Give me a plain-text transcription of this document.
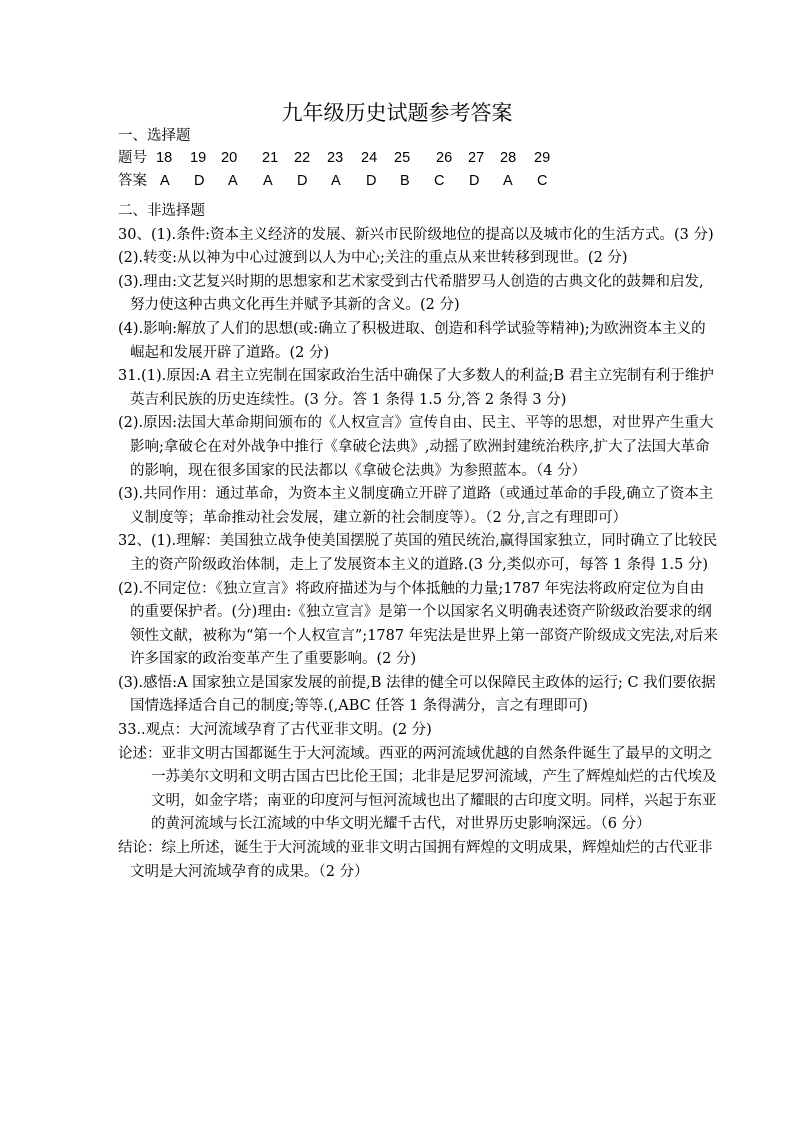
九年级历史试题参考答案
一、选择题
题号 18 19 20 21 22 23 24 25 26 27 28 29
答案 A D A A D A D B C D A C

二、非选择题

30、(1).条件:资本主义经济的发展、新兴市民阶级地位的提高以及城市化的生活方式。(3 分)

(2).转变:从以神为中心过渡到以人为中心;关注的重点从来世转移到现世。(2 分)

(3).理由:文艺复兴时期的思想家和艺术家受到古代希腊罗马人创造的古典文化的鼓舞和启发,努力使这种古典文化再生并赋予其新的含义。(2 分)

(4).影响:解放了人们的思想(或:确立了积极进取、创造和科学试验等精神);为欧洲资本主义的崛起和发展开辟了道路。(2 分)

31.(1).原因:A 君主立宪制在国家政治生活中确保了大多数人的利益;B 君主立宪制有利于维护英吉利民族的历史连续性。(3 分。答 1 条得 1.5 分,答 2 条得 3 分)

(2).原因:法国大革命期间颁布的《人权宣言》宣传自由、民主、平等的思想，对世界产生重大影响;拿破仑在对外战争中推行《拿破仑法典》,动摇了欧洲封建统治秩序,扩大了法国大革命的影响，现在很多国家的民法都以《拿破仑法典》为参照蓝本。（4 分）

(3).共同作用：通过革命，为资本主义制度确立开辟了道路（或通过革命的手段,确立了资本主义制度等；革命推动社会发展，建立新的社会制度等）。（2 分,言之有理即可）

32、(1).理解：美国独立战争使美国摆脱了英国的殖民统治,赢得国家独立，同时确立了比较民主的资产阶级政治体制，走上了发展资本主义的道路.(3 分,类似亦可，每答 1 条得 1.5 分)

(2).不同定位：《独立宣言》将政府描述为与个体抵触的力量;1787 年宪法将政府定位为自由的重要保护者。(分)理由:《独立宣言》是第一个以国家名义明确表述资产阶级政治要求的纲领性文献，被称为“第一个人权宣言”;1787 年宪法是世界上第一部资产阶级成文宪法,对后来许多国家的政治变革产生了重要影响。(2 分)

(3).感悟:A 国家独立是国家发展的前提,B 法律的健全可以保障民主政体的运行; C 我们要依据国情选择适合自己的制度;等等.(,ABC 任答 1 条得满分，言之有理即可)

33..观点：大河流域孕育了古代亚非文明。(2 分)

论述：亚非文明古国都诞生于大河流域。西亚的两河流域优越的自然条件诞生了最早的文明之一苏美尔文明和文明古国古巴比伦王国；北非是尼罗河流域，产生了辉煌灿烂的古代埃及文明，如金字塔；南亚的印度河与恒河流域也出了耀眼的古印度文明。同样，兴起于东亚的黄河流域与长江流域的中华文明光耀千古代，对世界历史影响深远。（6 分）

结论：综上所述，诞生于大河流域的亚非文明古国拥有辉煌的文明成果，辉煌灿烂的古代亚非文明是大河流域孕育的成果。（2 分）
